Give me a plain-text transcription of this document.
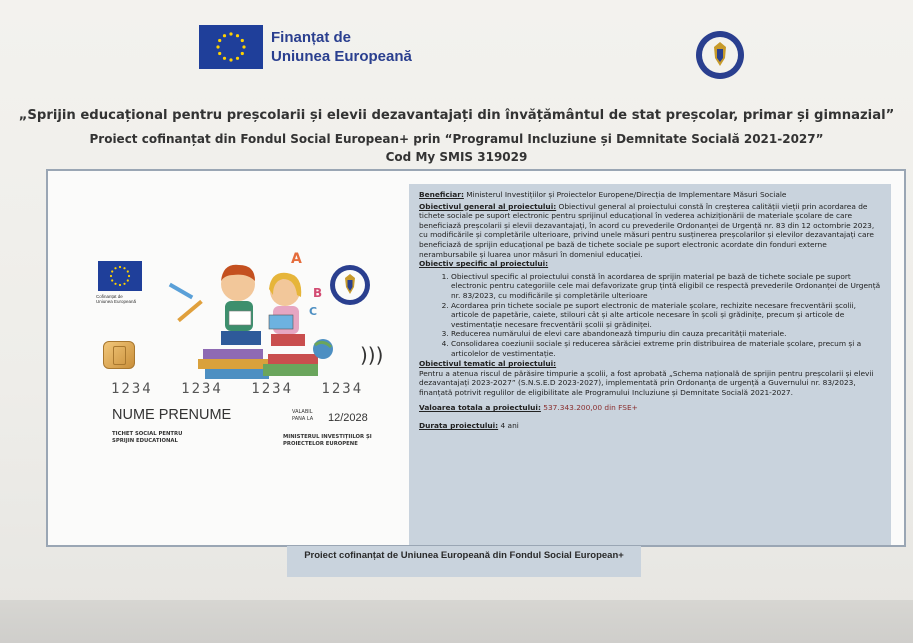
Finanțat de
Uniunea Europeană
„Sprijin educațional pentru preșcolarii și elevii dezavantajați din învățământul de stat preșcolar, primar și gimnazial”
Proiect cofinanțat din Fondul Social European+ prin “Programul Incluziune și Demnitate Socială 2021-2027”
Cod My SMIS 319029
Cofinanțat de
Uniunea Europeană
A
B
C
)))
1234 1234 1234 1234
NUME PRENUME	VALABIL
PANA LA 12/2028
TICHET SOCIAL PENTRU
SPRIJIN EDUCATIONAL
MINISTERUL INVESTIȚIILOR ȘI
PROIECTELOR EUROPENE

Beneficiar: Ministerul Investițiilor și Proiectelor Europene/Direcția de Implementare Măsuri Sociale

Obiectivul general al proiectului: Obiectivul general al proiectului constă în creșterea calității vieții prin acordarea de tichete sociale pe suport electronic pentru sprijinul educațional în vederea achiziționării de materiale școlare de care beneficiază preșcolarii și elevii dezavantajați, în acord cu prevederile Ordonanței de Urgență nr. 83 din 12 octombrie 2023, cu modificările și completările ulterioare, privind unele măsuri pentru susținerea preșcolarilor și elevilor dezavantajați care beneficiază de sprijin educațional pe bază de tichete sociale pe suport electronic acordate din fonduri externe nerambursabile și luarea unor măsuri în domeniul educației.

Obiectiv specific al proiectului:

1. Obiectivul specific al proiectului constă în acordarea de sprijin material pe bază de tichete sociale pe suport electronic pentru categoriile cele mai defavorizate grup țintă eligibil ce respectă prevederile Ordonanței de Urgență nr. 83/2023, cu modificările și completările ulterioare
2. Acordarea prin tichete sociale pe suport electronic de materiale școlare, rechizite necesare frecventării școlii, articole de papetărie, caiete, stilouri cât și alte articole necesare în școli și grădinițe, precum și articole de vestimentație necesare frecventării școlii și grădiniței.
3. Reducerea numărului de elevi care abandonează timpuriu din cauza precarității materiale.
4. Consolidarea coeziunii sociale și reducerea sărăciei extreme prin distribuirea de materiale școlare, precum și a articolelor de vestimentație.

Obiectivul tematic al proiectului:
Pentru a atenua riscul de părăsire timpurie a școlii, a fost aprobată „Schema națională de sprijin pentru preșcolarii și elevii dezavantajați 2023-2027” (S.N.S.E.D 2023-2027), implementată prin Ordonanța de urgență a Guvernului nr. 83/2023, finanțată potrivit regulilor de eligibilitate ale Programului Incluziune și Demnitate Socială 2021-2027.

Valoarea totala a proiectului: 537.343.200,00 din FSE+

Durata proiectului: 4 ani

Proiect cofinanțat de Uniunea Europeană din Fondul Social European+
